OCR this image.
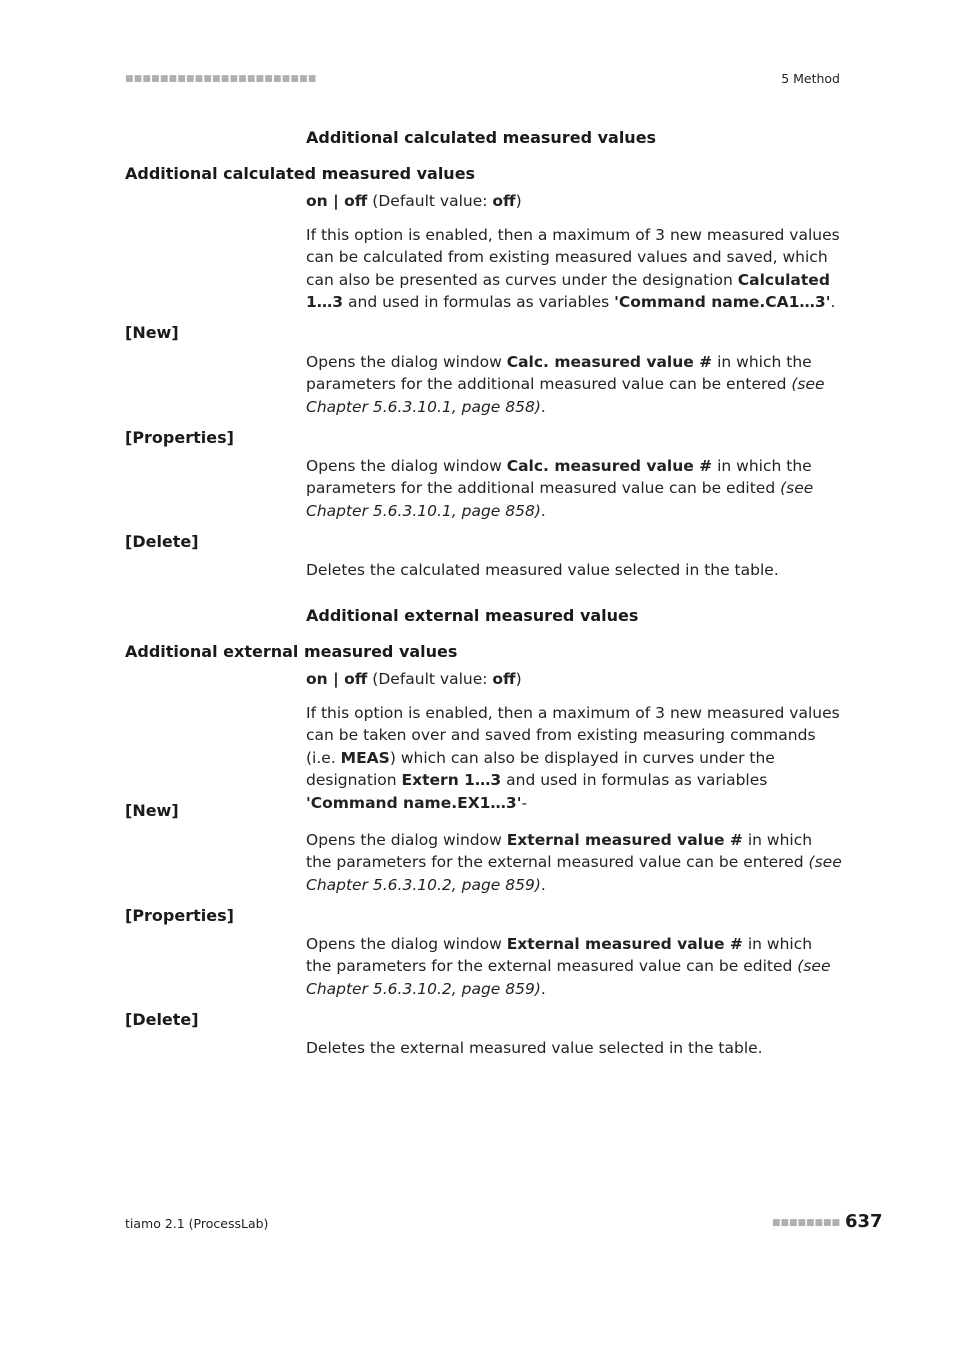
■■■■■■■■■■■■■■■■■■■■■■	5 Method
Additional calculated measured values
Additional calculated measured values
on | off (Default value: off)
If this option is enabled, then a maximum of 3 new measured values can be calculated from existing measured values and saved, which can also be presented as curves under the designation Calculated 1…3 and used in formulas as variables 'Command name.CA1…3'.
[New]
Opens the dialog window Calc. measured value # in which the parameters for the additional measured value can be entered (see Chapter 5.6.3.10.1, page 858).
[Properties]
Opens the dialog window Calc. measured value # in which the parameters for the additional measured value can be edited (see Chapter 5.6.3.10.1, page 858).
[Delete]
Deletes the calculated measured value selected in the table.
Additional external measured values
Additional external measured values
on | off (Default value: off)
If this option is enabled, then a maximum of 3 new measured values can be taken over and saved from existing measuring commands (i.e. MEAS) which can also be displayed in curves under the designation Extern 1…3 and used in formulas as variables 'Command name.EX1…3'-
[New]
Opens the dialog window External measured value # in which the parameters for the external measured value can be entered (see Chapter 5.6.3.10.2, page 859).
[Properties]
Opens the dialog window External measured value # in which the parameters for the external measured value can be edited (see Chapter 5.6.3.10.2, page 859).
[Delete]
Deletes the external measured value selected in the table.
tiamo 2.1 (ProcessLab)	■■■■■■■■ 637
